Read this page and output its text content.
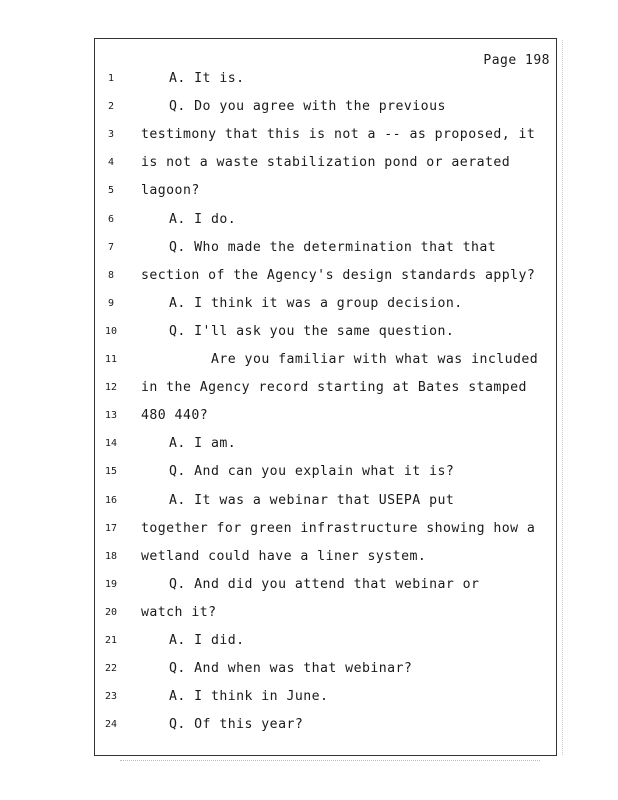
Page 198
1	A. It is.
2	Q. Do you agree with the previous
3	testimony that this is not a -- as proposed, it
4	is not a waste stabilization pond or aerated
5	lagoon?
6	A. I do.
7	Q. Who made the determination that that
8	section of the Agency's design standards apply?
9	A. I think it was a group decision.
10	Q. I'll ask you the same question.
11	Are you familiar with what was included
12	in the Agency record starting at Bates stamped
13	480 440?
14	A. I am.
15	Q. And can you explain what it is?
16	A. It was a webinar that USEPA put
17	together for green infrastructure showing how a
18	wetland could have a liner system.
19	Q. And did you attend that webinar or
20	watch it?
21	A. I did.
22	Q. And when was that webinar?
23	A. I think in June.
24	Q. Of this year?
